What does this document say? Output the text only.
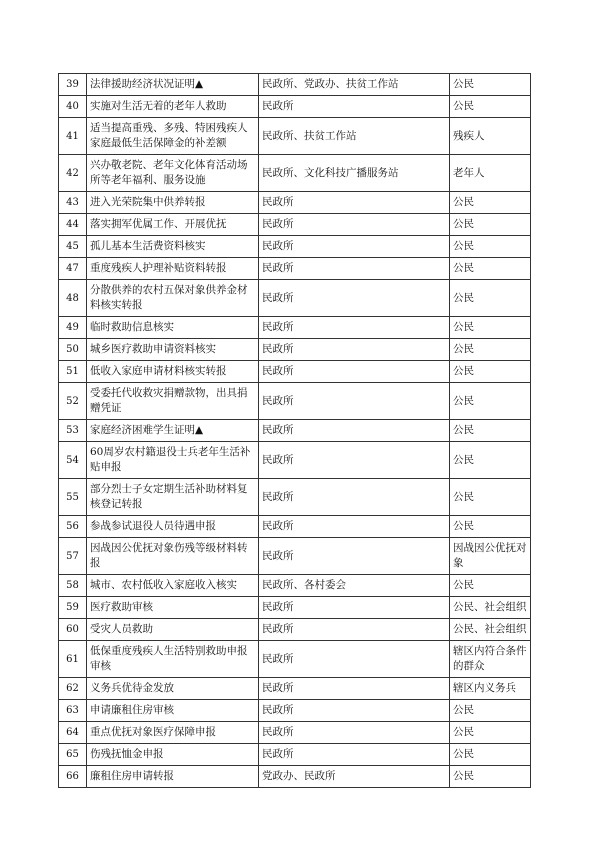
39	法律援助经济状况证明▲	民政所、党政办、扶贫工作站	公民
40	实施对生活无着的老年人救助	民政所	公民
41	适当提高重残、多残、特困残疾人家庭最低生活保障金的补差额	民政所、扶贫工作站	残疾人
42	兴办敬老院、老年文化体育活动场所等老年福利、服务设施	民政所、文化科技广播服务站	老年人
43	进入光荣院集中供养转报	民政所	公民
44	落实拥军优属工作、开展优抚	民政所	公民
45	孤儿基本生活费资料核实	民政所	公民
47	重度残疾人护理补贴资料转报	民政所	公民
48	分散供养的农村五保对象供养金材料核实转报	民政所	公民
49	临时救助信息核实	民政所	公民
50	城乡医疗救助申请资料核实	民政所	公民
51	低收入家庭申请材料核实转报	民政所	公民
52	受委托代收救灾捐赠款物，出具捐赠凭证	民政所	公民
53	家庭经济困难学生证明▲	民政所	公民
54	60周岁农村籍退役士兵老年生活补贴申报	民政所	公民
55	部分烈士子女定期生活补助材料复核登记转报	民政所	公民
56	参战参试退役人员待遇申报	民政所	公民
57	因战因公优抚对象伤残等级材料转报	民政所	因战因公优抚对象
58	城市、农村低收入家庭收入核实	民政所、各村委会	公民
59	医疗救助审核	民政所	公民、社会组织
60	受灾人员救助	民政所	公民、社会组织
61	低保重度残疾人生活特别救助申报审核	民政所	辖区内符合条件的群众
62	义务兵优待金发放	民政所	辖区内义务兵
63	申请廉租住房审核	民政所	公民
64	重点优抚对象医疗保障申报	民政所	公民
65	伤残抚恤金申报	民政所	公民
66	廉租住房申请转报	党政办、民政所	公民
